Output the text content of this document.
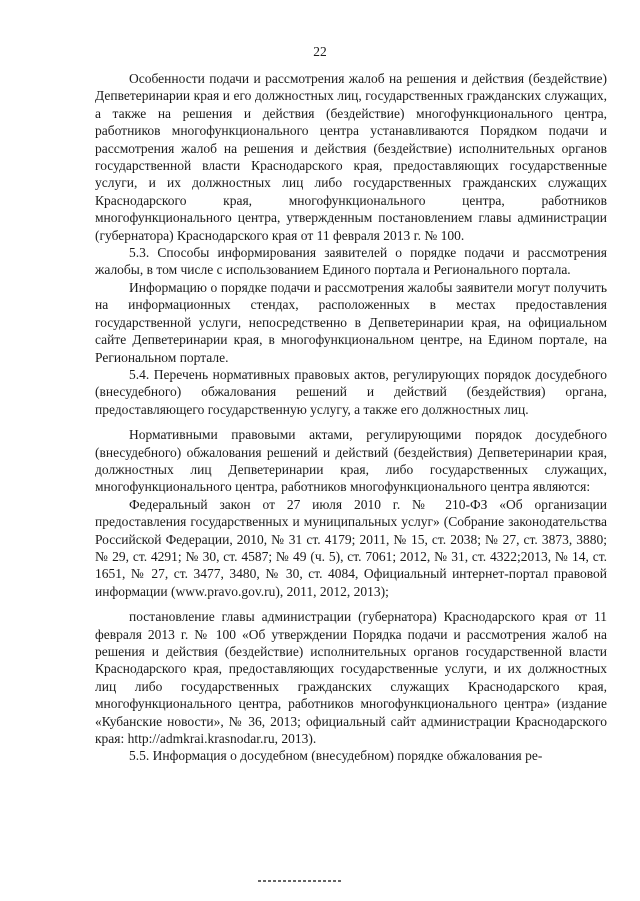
22

Особенности подачи и рассмотрения жалоб на решения и действия (бездействие) Депветеринарии края и его должностных лиц, государственных гражданских служащих, а также на решения и действия (бездействие) многофункционального центра, работников многофункционального центра устанавливаются Порядком подачи и рассмотрения жалоб на решения и действия (бездействие) исполнительных органов государственной власти Краснодарского края, предоставляющих государственные услуги, и их должностных лиц либо государственных гражданских служащих Краснодарского края, многофункционального центра, работников многофункционального центра, утвержденным постановлением главы администрации (губернатора) Краснодарского края от 11 февраля 2013 г. № 100.

5.3. Способы информирования заявителей о порядке подачи и рассмотрения жалобы, в том числе с использованием Единого портала и Регионального портала.

Информацию о порядке подачи и рассмотрения жалобы заявители могут получить на информационных стендах, расположенных в местах предоставления государственной услуги, непосредственно в Депветеринарии края, на официальном сайте Депветеринарии края, в многофункциональном центре, на Едином портале, на Региональном портале.

5.4. Перечень нормативных правовых актов, регулирующих порядок досудебного (внесудебного) обжалования решений и действий (бездействия) органа, предоставляющего государственную услугу, а также его должностных лиц.

Нормативными правовыми актами, регулирующими порядок досудебного (внесудебного) обжалования решений и действий (бездействия) Депветеринарии края, должностных лиц Депветеринарии края, либо государственных служащих, многофункционального центра, работников многофункционального центра являются:

Федеральный закон от 27 июля 2010 г. № 210-ФЗ «Об организации предоставления государственных и муниципальных услуг» (Собрание законодательства Российской Федерации, 2010, № 31 ст. 4179; 2011, № 15, ст. 2038; № 27, ст. 3873, 3880; № 29, ст. 4291; № 30, ст. 4587; № 49 (ч. 5), ст. 7061; 2012, № 31, ст. 4322;2013, № 14, ст. 1651, № 27, ст. 3477, 3480, № 30, ст. 4084, Официальный интернет-портал правовой информации (www.pravo.gov.ru), 2011, 2012, 2013);

постановление главы администрации (губернатора) Краснодарского края от 11 февраля 2013 г. № 100 «Об утверждении Порядка подачи и рассмотрения жалоб на решения и действия (бездействие) исполнительных органов государственной власти Краснодарского края, предоставляющих государственные услуги, и их должностных лиц либо государственных гражданских служащих Краснодарского края, многофункционального центра, работников многофункционального центра» (издание «Кубанские новости», № 36, 2013; официальный сайт администрации Краснодарского края: http://admkrai.krasnodar.ru, 2013).

5.5. Информация о досудебном (внесудебном) порядке обжалования ре-
